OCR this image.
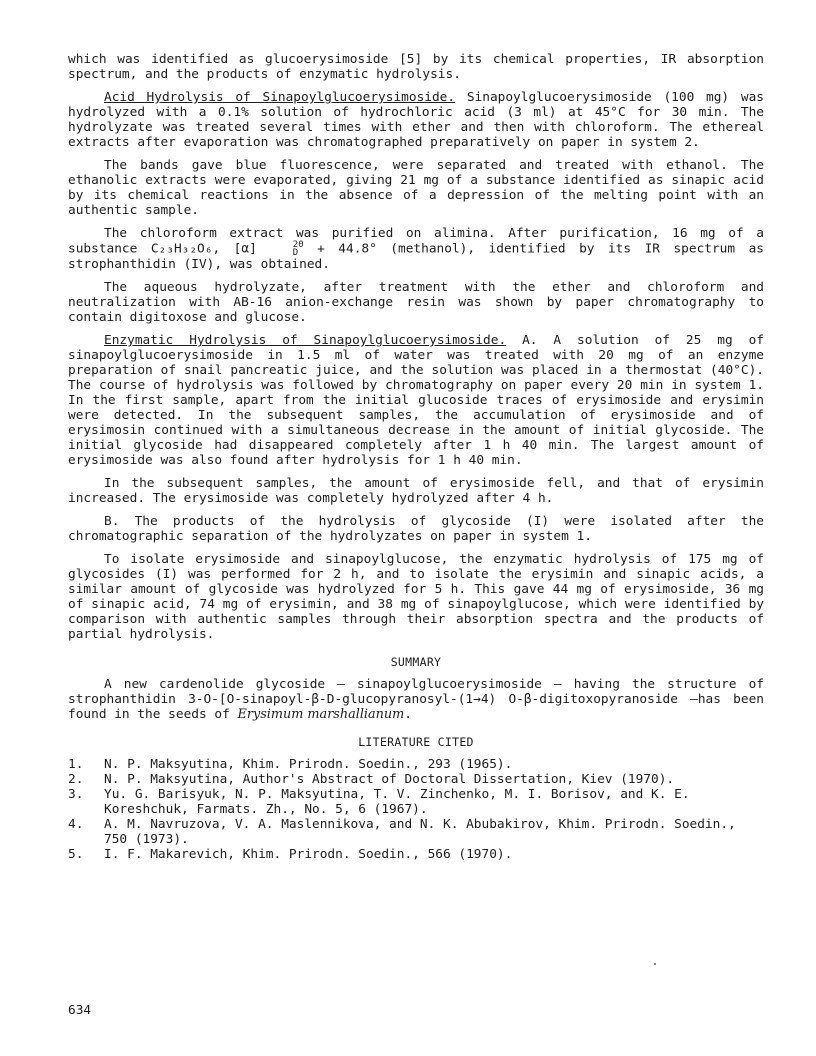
which was identified as glucoerysimoside [5] by its chemical properties, IR absorption spectrum, and the products of enzymatic hydrolysis.

Acid Hydrolysis of Sinapoylglucoerysimoside. Sinapoylglucoerysimoside (100 mg) was hydrolyzed with a 0.1% solution of hydrochloric acid (3 ml) at 45°C for 30 min. The hydrolyzate was treated several times with ether and then with chloroform. The ethereal extracts after evaporation was chromatographed preparatively on paper in system 2.

The bands gave blue fluorescence, were separated and treated with ethanol. The ethanolic extracts were evaporated, giving 21 mg of a substance identified as sinapic acid by its chemical reactions in the absence of a depression of the melting point with an authentic sample.

The chloroform extract was purified on alimina. After purification, 16 mg of a substance C₂₃H₃₂O₆, [α]	20
D + 44.8° (methanol), identified by its IR spectrum as strophanthidin (IV), was obtained.

The aqueous hydrolyzate, after treatment with the ether and chloroform and neutralization with AB-16 anion-exchange resin was shown by paper chromatography to contain digitoxose and glucose.

Enzymatic Hydrolysis of Sinapoylglucoerysimoside. A. A solution of 25 mg of sinapoylglucoerysimoside in 1.5 ml of water was treated with 20 mg of an enzyme preparation of snail pancreatic juice, and the solution was placed in a thermostat (40°C). The course of hydrolysis was followed by chromatography on paper every 20 min in system 1. In the first sample, apart from the initial glucoside traces of erysimoside and erysimin were detected. In the subsequent samples, the accumulation of erysimoside and of erysimosin continued with a simultaneous decrease in the amount of initial glycoside. The initial glycoside had disappeared completely after 1 h 40 min. The largest amount of erysimoside was also found after hydrolysis for 1 h 40 min.

In the subsequent samples, the amount of erysimoside fell, and that of erysimin increased. The erysimoside was completely hydrolyzed after 4 h.

B. The products of the hydrolysis of glycoside (I) were isolated after the chromatographic separation of the hydrolyzates on paper in system 1.

To isolate erysimoside and sinapoylglucose, the enzymatic hydrolysis of 175 mg of glycosides (I) was performed for 2 h, and to isolate the erysimin and sinapic acids, a similar amount of glycoside was hydrolyzed for 5 h. This gave 44 mg of erysimoside, 36 mg of sinapic acid, 74 mg of erysimin, and 38 mg of sinapoylglucose, which were identified by comparison with authentic samples through their absorption spectra and the products of partial hydrolysis.

SUMMARY

A new cardenolide glycoside — sinapoylglucoerysimoside — having the structure of strophanthidin 3-O-[O-sinapoyl-β-D-glucopyranosyl-(1→4) O-β-digitoxopyranoside —has been found in the seeds of Erysimum marshallianum.

LITERATURE CITED
1.	N. P. Maksyutina, Khim. Prirodn. Soedin., 293 (1965).
2.	N. P. Maksyutina, Author's Abstract of Doctoral Dissertation, Kiev (1970).
3.	Yu. G. Barisyuk, N. P. Maksyutina, T. V. Zinchenko, M. I. Borisov, and K. E. Koreshchuk, Farmats. Zh., No. 5, 6 (1967).
4.	A. M. Navruzova, V. A. Maslennikova, and N. K. Abubakirov, Khim. Prirodn. Soedin., 750 (1973).
5.	I. F. Makarevich, Khim. Prirodn. Soedin., 566 (1970).
634
